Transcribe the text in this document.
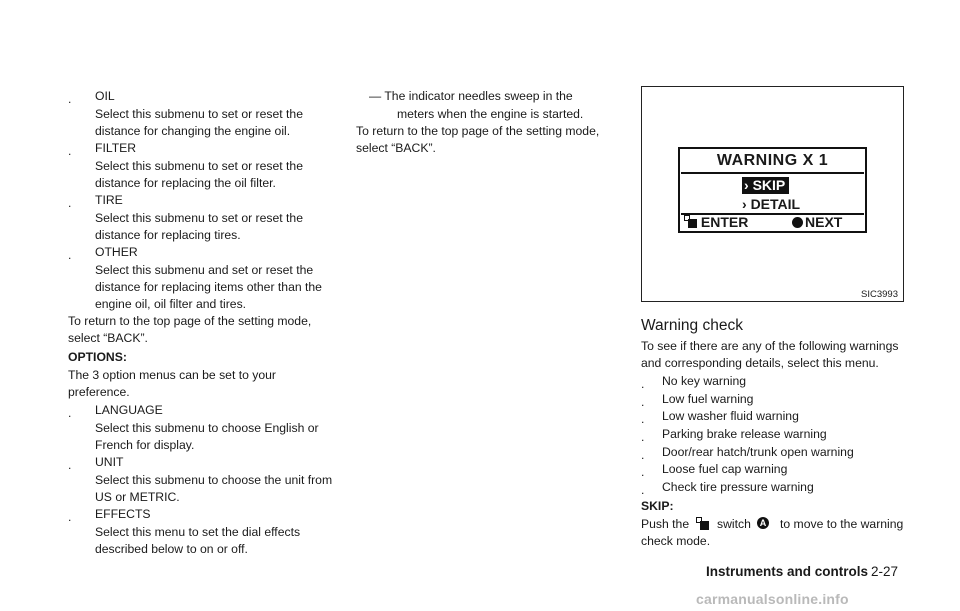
. OIL
Select this submenu to set or reset the
distance for changing the engine oil.
. FILTER
Select this submenu to set or reset the
distance for replacing the oil filter.
. TIRE
Select this submenu to set or reset the
distance for replacing tires.
. OTHER
Select this submenu and set or reset the
distance for replacing items other than the
engine oil, oil filter and tires.
To return to the top page of the setting mode,
select “BACK”.
OPTIONS:
The 3 option menus can be set to your
preference.
. LANGUAGE
Select this submenu to choose English or
French for display.
. UNIT
Select this submenu to choose the unit from
US or METRIC.
. EFFECTS
Select this menu to set the dial effects
described below to on or off.
— The indicator needles sweep in the
meters when the engine is started.
To return to the top page of the setting mode,
select “BACK”.
WARNING X 1
› SKIP
› DETAIL
ENTER	NEXT
SIC3993
Warning check
To see if there are any of the following warnings
and corresponding details, select this menu.
. No key warning
. Low fuel warning
. Low washer fluid warning
. Parking brake release warning
. Door/rear hatch/trunk open warning
. Loose fuel cap warning
. Check tire pressure warning
SKIP:
Push the switch A to move to the warning
check mode.
Instruments and controls 2-27
carmanualsonline.info
